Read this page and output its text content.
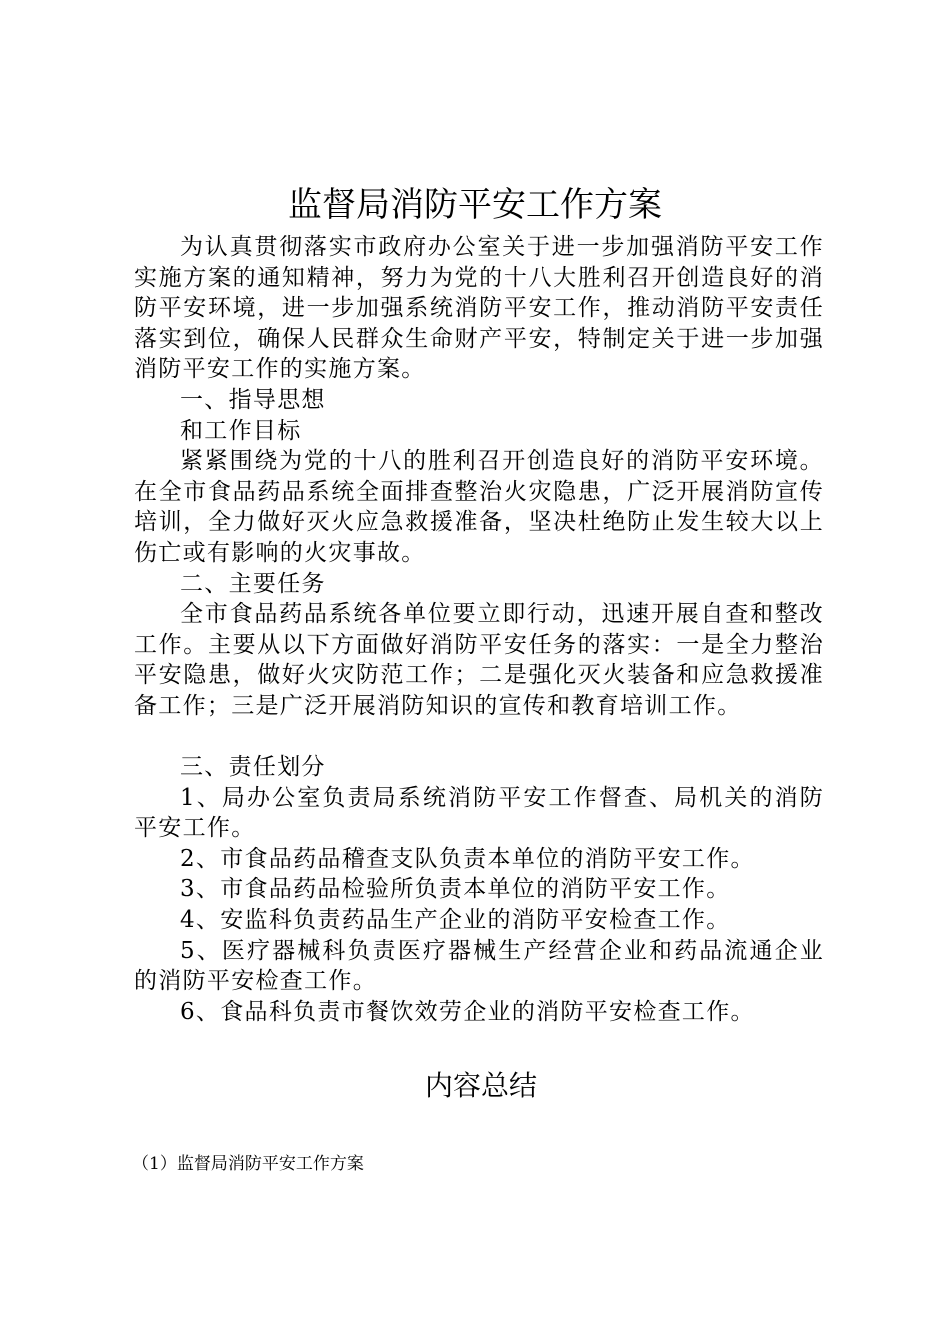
监督局消防平安工作方案

为认真贯彻落实市政府办公室关于进一步加强消防平安工作实施方案的通知精神，努力为党的十八大胜利召开创造良好的消防平安环境，进一步加强系统消防平安工作，推动消防平安责任落实到位，确保人民群众生命财产平安，特制定关于进一步加强消防平安工作的实施方案。

一、指导思想

和工作目标

紧紧围绕为党的十八的胜利召开创造良好的消防平安环境。在全市食品药品系统全面排查整治火灾隐患，广泛开展消防宣传培训，全力做好灭火应急救援准备，坚决杜绝防止发生较大以上伤亡或有影响的火灾事故。

二、主要任务

全市食品药品系统各单位要立即行动，迅速开展自查和整改工作。主要从以下方面做好消防平安任务的落实：一是全力整治平安隐患，做好火灾防范工作；二是强化灭火装备和应急救援准备工作；三是广泛开展消防知识的宣传和教育培训工作。

三、责任划分

1、局办公室负责局系统消防平安工作督查、局机关的消防平安工作。

2、市食品药品稽查支队负责本单位的消防平安工作。

3、市食品药品检验所负责本单位的消防平安工作。

4、安监科负责药品生产企业的消防平安检查工作。

5、医疗器械科负责医疗器械生产经营企业和药品流通企业的消防平安检查工作。

6、食品科负责市餐饮效劳企业的消防平安检查工作。

内容总结

（1）监督局消防平安工作方案
